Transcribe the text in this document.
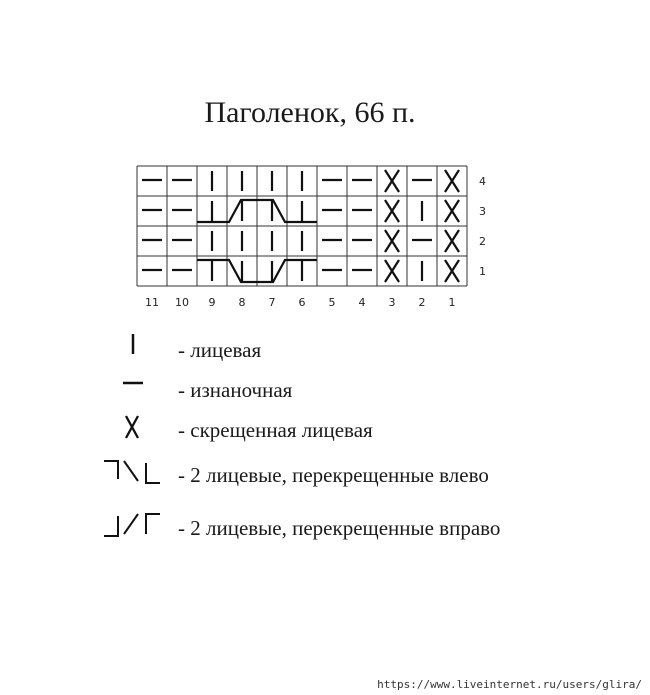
Паголенок, 66 п.
4
3
2
1
11 10 9 8 7 6 5 4 3 2 1
- лицевая
- изнаночная
- скрещенная лицевая
- 2 лицевые, перекрещенные влево
- 2 лицевые, перекрещенные вправо
https://www.liveinternet.ru/users/glira/
